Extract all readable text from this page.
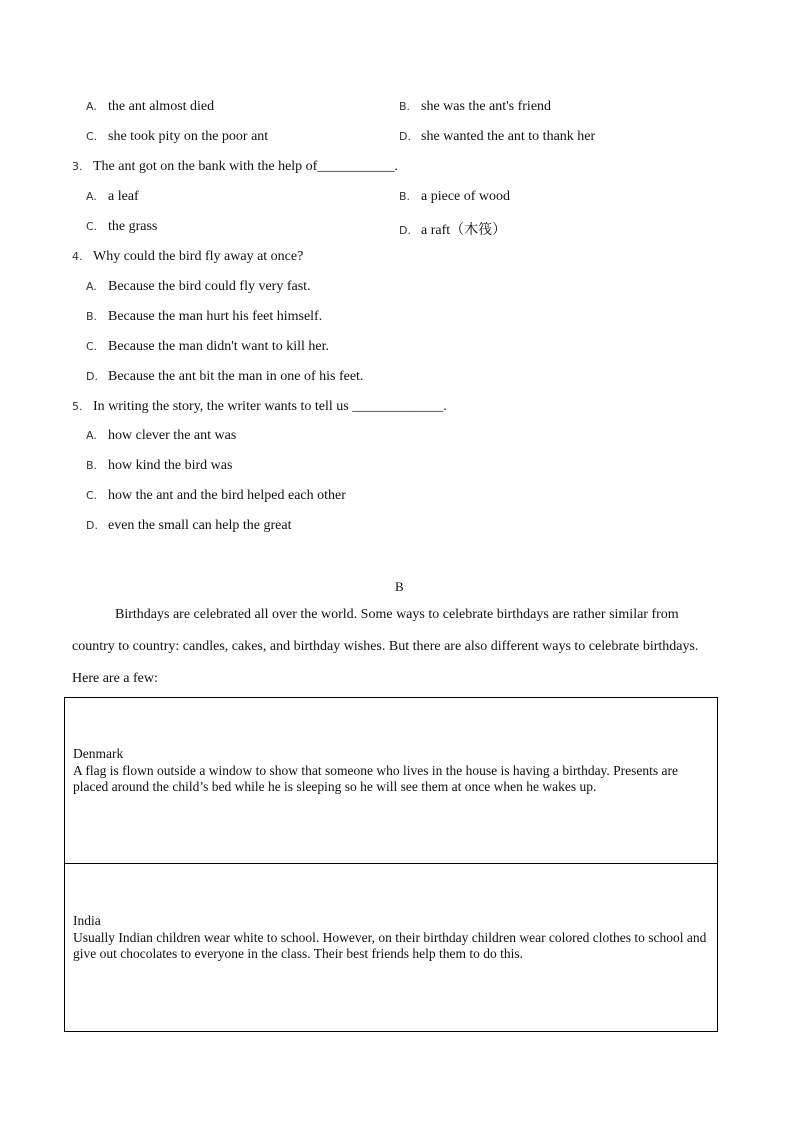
A. the ant almost died	B. she was the ant's friend
C. she took pity on the poor ant	D. she wanted the ant to thank her
3. The ant got on the bank with the help of___________.
A. a leaf	B. a piece of wood
C. the grass	D. a raft（木筏）
4. Why could the bird fly away at once?
A. Because the bird could fly very fast.
B. Because the man hurt his feet himself.
C. Because the man didn't want to kill her.
D. Because the ant bit the man in one of his feet.
5. In writing the story, the writer wants to tell us _____________.
A. how clever the ant was
B. how kind the bird was
C. how the ant and the bird helped each other
D. even the small can help the great
B
Birthdays are celebrated all over the world. Some ways to celebrate birthdays are rather similar from
country to country: candles, cakes, and birthday wishes. But there are also different ways to celebrate birthdays.
Here are a few:
Denmark
A flag is flown outside a window to show that someone who lives in the house is having a birthday. Presents are placed around the child’s bed while he is sleeping so he will see them at once when he wakes up.
India
Usually Indian children wear white to school. However, on their birthday children wear colored clothes to school and give out chocolates to everyone in the class. Their best friends help them to do this.
